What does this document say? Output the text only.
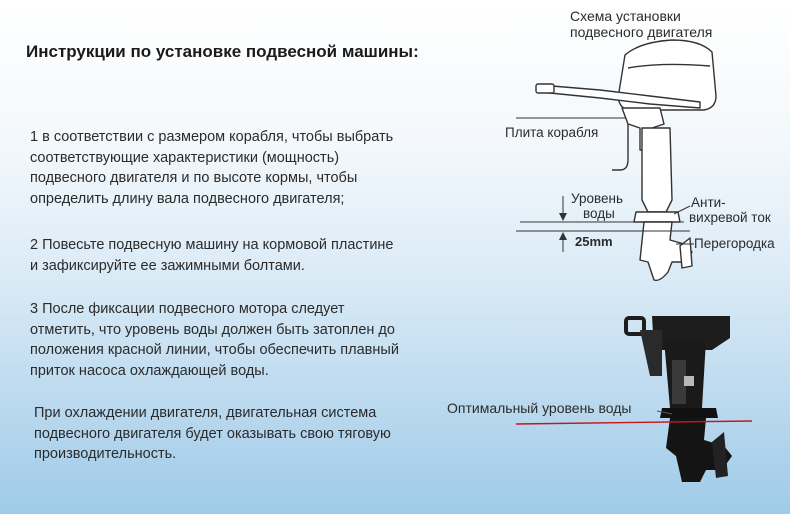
Инструкции по установке подвесной машины:
1 в соответствии с размером корабля, чтобы выбрать
соответствующие характеристики (мощность)
подвесного двигателя и по высоте кормы, чтобы
определить длину вала подвесного двигателя;
2 Повесьте подвесную машину на кормовой пластине
и зафиксируйте ее зажимными болтами.
3 После фиксации подвесного мотора следует
отметить, что уровень воды должен быть затоплен до
положения красной линии, чтобы обеспечить плавный
приток насоса охлаждающей воды.
При охлаждении двигателя, двигательная система
подвесного двигателя будет оказывать свою тяговую
производительность.
Схема установки
подвесного двигателя
Плита корабля
Уровень
воды
Анти-
вихревой ток
25mm	Перегородка
Оптимальный уровень воды
